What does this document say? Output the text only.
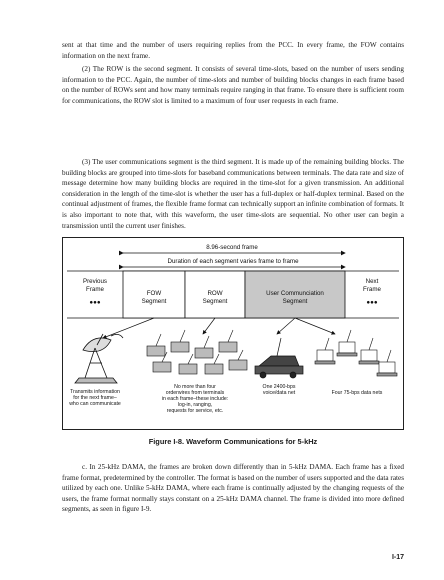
sent at that time and the number of users requiring replies from the PCC. In every frame, the FOW contains information on the next frame.

(2) The ROW is the second segment. It consists of several time-slots, based on the number of users sending information to the PCC. Again, the number of time-slots and number of building blocks changes in each frame based on the number of ROWs sent and how many terminals require ranging in that frame. To ensure there is sufficient room for communications, the ROW slot is limited to a maximum of four user requests in each frame.

(3) The user communications segment is the third segment. It is made up of the remaining building blocks. The building blocks are grouped into time-slots for baseband communications between terminals. The data rate and size of message determine how many building blocks are required in the time-slot for a given transmission. An additional consideration in the length of the time-slot is whether the user has a full-duplex or half-duplex terminal. Based on the continual adjustment of frames, the flexible frame format can technically support an infinite combination of formats. It is also important to note that, with this waveform, the user time-slots are sequential. No other user can begin a transmission until the current user finishes.

8.96-second frame
Duration of each segment varies frame to frame
Previous
Frame
●●●
FOW
Segment
ROW
Segment
User Communciation
Segment
Next
Frame
●●●
Transmits information
for the next frame–
who can communicate
No more than four
orderwires from terminals
in each frame–these include:
log-in, ranging,
requests for service, etc.
One 2400-bps
voice/data net	Four 75-bps data nets
Figure I-8. Waveform Communications for 5-kHz

c. In 25-kHz DAMA, the frames are broken down differently than in 5-kHz DAMA. Each frame has a fixed frame format, predetermined by the controller. The format is based on the number of users supported and the data rates utilized by each one. Unlike 5-kHz DAMA, where each frame is continually adjusted by the changing requests of the users, the frame format normally stays constant on a 25-kHz DAMA channel. The frame is divided into more defined segments, as seen in figure I-9.

I-17
